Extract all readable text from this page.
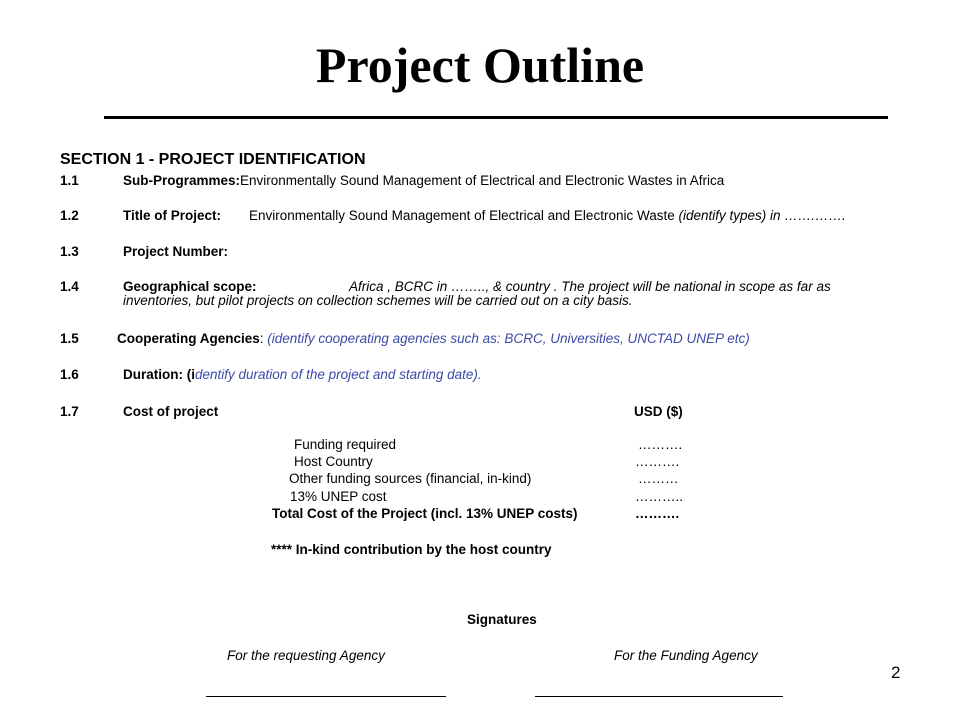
Project Outline
SECTION 1 - PROJECT IDENTIFICATION
1.1	Sub-Programmes:Environmentally Sound Management of Electrical and Electronic Wastes in Africa
1.2	Title of Project: Environmentally Sound Management of Electrical and Electronic Waste (identify types) in …….…….
1.3	Project Number:
1.4	Geographical scope:	Africa , BCRC in …….., & country . The project will be national in scope as far as
inventories, but pilot projects on collection schemes will be carried out on a city basis.
1.5	Cooperating Agencies: (identify cooperating agencies such as: BCRC, Universities, UNCTAD UNEP etc)
1.6	Duration: (identify duration of the project and starting date).
1.7	Cost of project	USD ($)
Funding required	……….
Host Country	……….
Other funding sources (financial, in-kind)	………
13% UNEP cost	………..
Total Cost of the Project (incl. 13% UNEP costs)	……….
**** In-kind contribution by the host country
Signatures
For the requesting Agency	For the Funding Agency
2
